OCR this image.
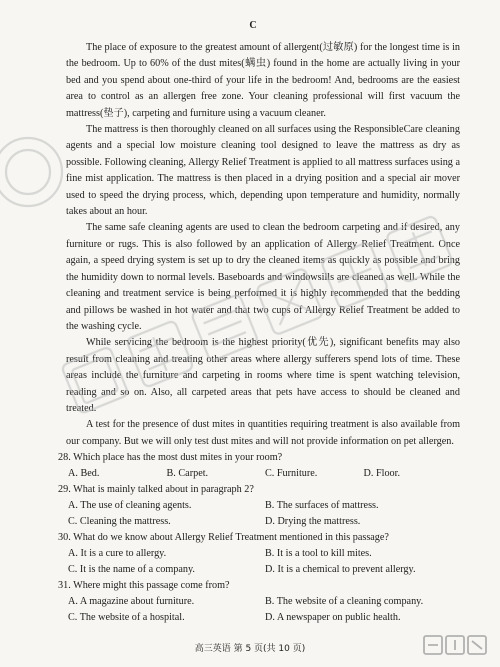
C

The place of exposure to the greatest amount of allergent(过敏原) for the longest time is in the bedroom. Up to 60% of the dust mites(螨虫) found in the home are actually living in your bed and you spend about one-third of your life in the bedroom! And, bedrooms are the easiest area to control as an allergen free zone. Your cleaning professional will first vacuum the mattress(垫子), carpeting and furniture using a vacuum cleaner.

The mattress is then thoroughly cleaned on all surfaces using the ResponsibleCare cleaning agents and a special low moisture cleaning tool designed to leave the mattress as dry as possible. Following cleaning, Allergy Relief Treatment is applied to all mattress surfaces using a fine mist application. The mattress is then placed in a drying position and a special air mover used to speed the drying process, which, depending upon temperature and humidity, normally takes about an hour.

The same safe cleaning agents are used to clean the bedroom carpeting and if desired, any furniture or rugs. This is also followed by an application of Allergy Relief Treatment. Once again, a speed drying system is set up to dry the cleaned items as quickly as possible and bring the humidity down to normal levels. Baseboards and windowsills are cleaned as well. While the cleaning and treatment service is being performed it is highly recommended that the bedding and pillows be washed in hot water and that two cups of Allergy Relief Treatment be added to the washing cycle.

While servicing the bedroom is the highest priority(优先), significant benefits may also result from cleaning and treating other areas where allergy sufferers spend lots of time. These areas include the furniture and carpeting in rooms where time is spent watching television, reading and so on. Also, all carpeted areas that pets have access to should be cleaned and treated.

A test for the presence of dust mites in quantities requiring treatment is also available from our company. But we will only test dust mites and will not provide information on pet allergen.

28. Which place has the most dust mites in your room?

A. Bed.	B. Carpet.	C. Furniture.	D. Floor.

29. What is mainly talked about in paragraph 2?

A. The use of cleaning agents.	B. The surfaces of mattress.
C. Cleaning the mattress.	D. Drying the mattress.

30. What do we know about Allergy Relief Treatment mentioned in this passage?

A. It is a cure to allergy.	B. It is a tool to kill mites.
C. It is the name of a company.	D. It is a chemical to prevent allergy.

31. Where might this passage come from?

A. A magazine about furniture.	B. The website of a cleaning company.
C. The website of a hospital.	D. A newspaper on public health.
高三英语 第 5 页(共 10 页)
